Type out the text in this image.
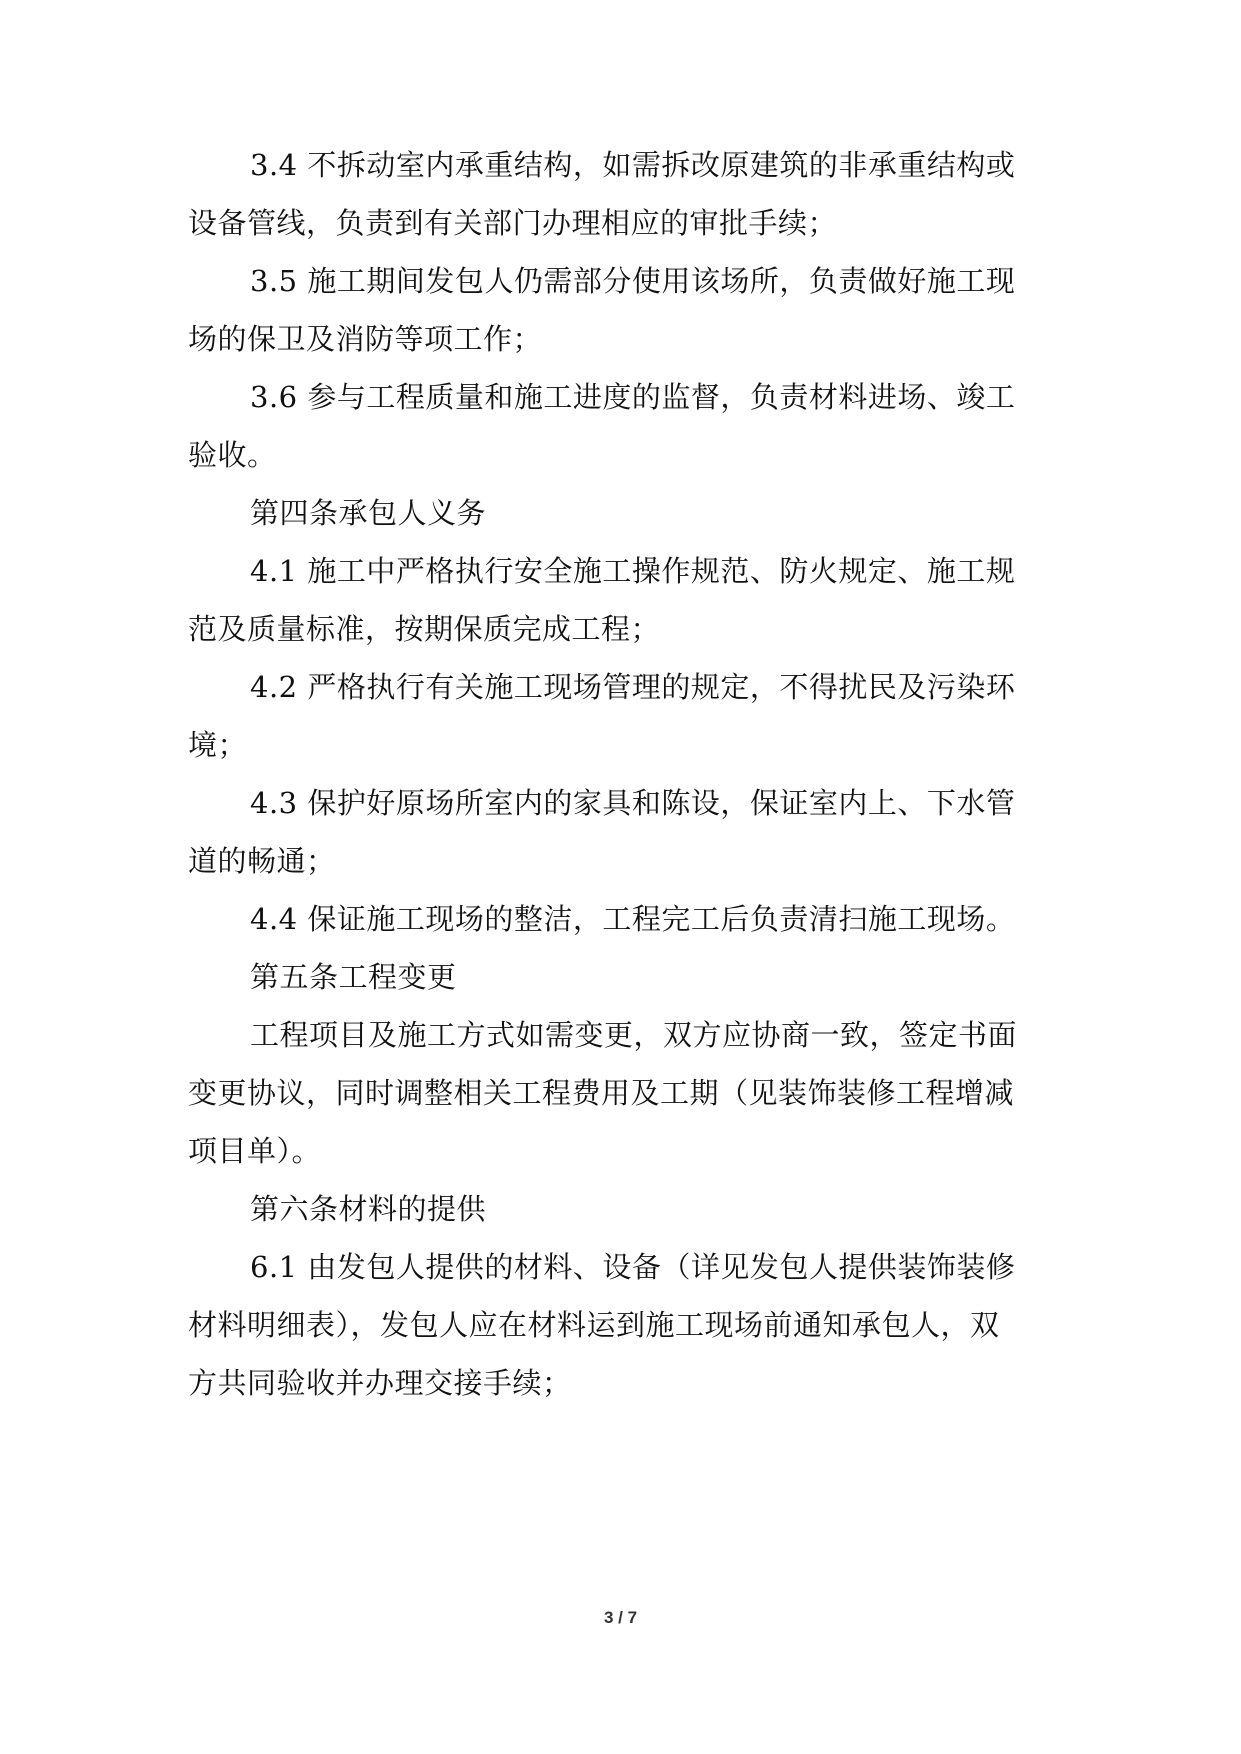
3.4 不拆动室内承重结构，如需拆改原建筑的非承重结构或
设备管线，负责到有关部门办理相应的审批手续；
3.5 施工期间发包人仍需部分使用该场所，负责做好施工现
场的保卫及消防等项工作；
3.6 参与工程质量和施工进度的监督，负责材料进场、竣工
验收。
第四条承包人义务
4.1 施工中严格执行安全施工操作规范、防火规定、施工规
范及质量标准，按期保质完成工程；
4.2 严格执行有关施工现场管理的规定，不得扰民及污染环
境；
4.3 保护好原场所室内的家具和陈设，保证室内上、下水管
道的畅通；
4.4 保证施工现场的整洁，工程完工后负责清扫施工现场。
第五条工程变更
工程项目及施工方式如需变更，双方应协商一致，签定书面
变更协议，同时调整相关工程费用及工期（见装饰装修工程增减
项目单）。
第六条材料的提供
6.1 由发包人提供的材料、设备（详见发包人提供装饰装修
材料明细表），发包人应在材料运到施工现场前通知承包人，双
方共同验收并办理交接手续；
3 / 7
